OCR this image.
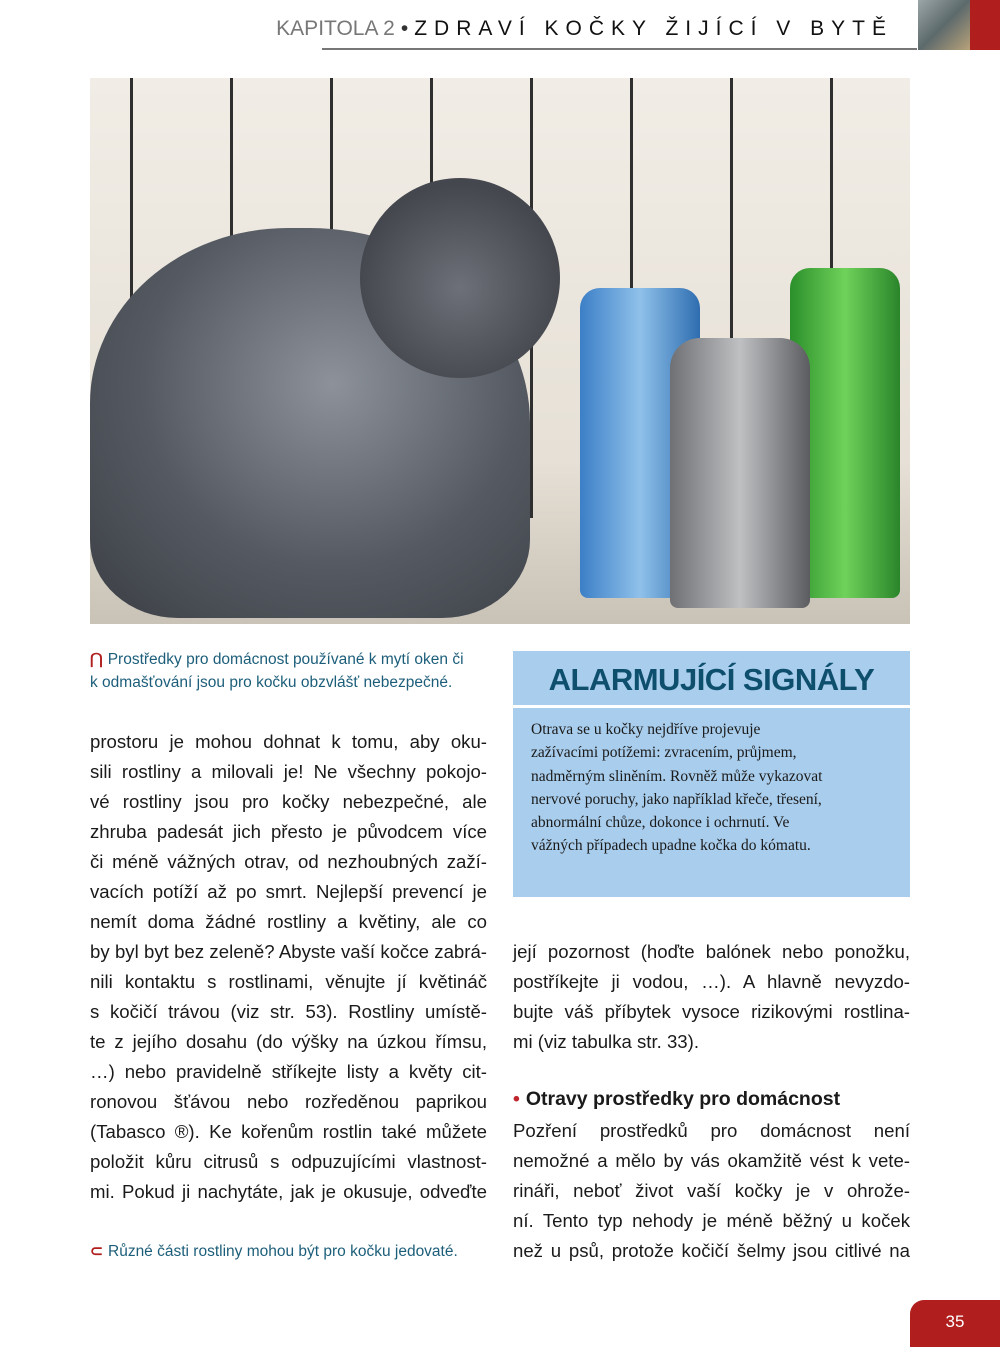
KAPITOLA 2 • ZDRAVÍ KOČKY ŽIJÍCÍ V BYTĚ
⋂ Prostředky pro domácnost používané k mytí oken či
k odmašťování jsou pro kočku obzvlášť nebezpečné.
prostoru je mohou dohnat k tomu, aby oku-
sili rostliny a milovali je! Ne všechny pokojo-
vé rostliny jsou pro kočky nebezpečné, ale
zhruba padesát jich přesto je původcem více
či méně vážných otrav, od nezhoubných zaží-
vacích potíží až po smrt. Nejlepší prevencí je
nemít doma žádné rostliny a květiny, ale co
by byl byt bez zeleně? Abyste vaší kočce zabrá-
nili kontaktu s rostlinami, věnujte jí květináč
s kočičí trávou (viz str. 53). Rostliny umístě-
te z jejího dosahu (do výšky na úzkou římsu,
…) nebo pravidelně stříkejte listy a květy cit-
ronovou šťávou nebo rozředěnou paprikou
(Tabasco ®). Ke kořenům rostlin také můžete
položit kůru citrusů s odpuzujícími vlastnost-
mi. Pokud ji nachytáte, jak je okusuje, odveďte
⊂ Různé části rostliny mohou být pro kočku jedovaté.
ALARMUJÍCÍ SIGNÁLY
Otrava se u kočky nejdříve projevuje
zažívacími potížemi: zvracením, průjmem,
nadměrným sliněním. Rovněž může vykazovat
nervové poruchy, jako například křeče, třesení,
abnormální chůze, dokonce i ochrnutí. Ve
vážných případech upadne kočka do kómatu.
její pozornost (hoďte balónek nebo ponožku,
postříkejte ji vodou, …). A hlavně nevyzdo-
bujte váš příbytek vysoce rizikovými rostlina-
mi (viz tabulka str. 33).
• Otravy prostředky pro domácnost
Pozření prostředků pro domácnost není
nemožné a mělo by vás okamžitě vést k vete-
rináři, neboť život vaší kočky je v ohrože-
ní. Tento typ nehody je méně běžný u koček
než u psů, protože kočičí šelmy jsou citlivé na
35
